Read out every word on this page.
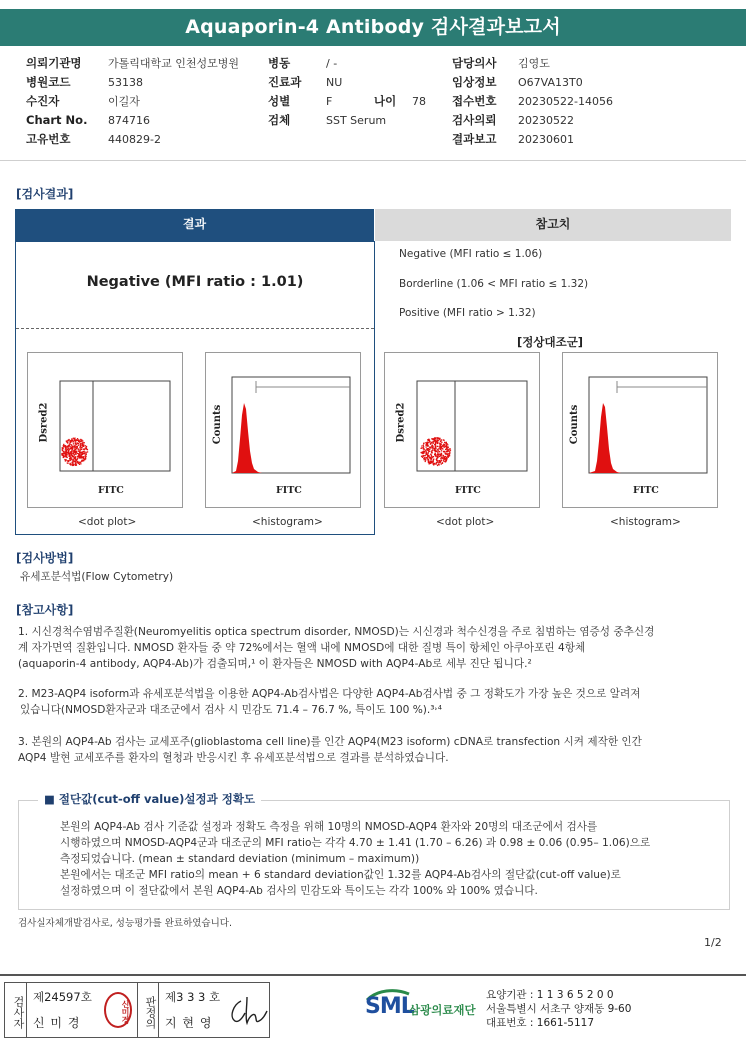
Aquaporin-4 Antibody 검사결과보고서
의뢰기관명 가톨릭대학교 인천성모병원
병원코드	53138
수진자	이길자
Chart No. 874716
고유번호	440829-2
병동	/ -
진료과 NU
성별	F	나이 78
검체	SST Serum
담당의사 김영도
임상정보 O67VA13T0
접수번호 20230522-14056
검사의뢰 20230522
결과보고 20230601
[검사결과]
결과	참고치
Negative (MFI ratio : 1.01)
Negative (MFI ratio ≤ 1.06)
Borderline (1.06 < MFI ratio ≤ 1.32)
Positive (MFI ratio > 1.32)
[정상대조군]
Dsred2
FITC
Counts
FITC
Dsred2
FITC
Counts
FITC
<dot plot>	<histogram>	<dot plot>	<histogram>
[검사방법]
유세포분석법(Flow Cytometry)
[참고사항]
1. 시신경척수염범주질환(Neuromyelitis optica spectrum disorder, NMOSD)는 시신경과 척수신경을 주로 침범하는 염증성 중추신경
계 자가면역 질환입니다. NMOSD 환자들 중 약 72%에서는 혈액 내에 NMOSD에 대한 질병 특이 항체인 아쿠아포린 4항체
(aquaporin-4 antibody, AQP4-Ab)가 검출되며,¹ 이 환자들은 NMOSD with AQP4-Ab로 세부 진단 됩니다.²
2. M23-AQP4 isoform과 유세포분석법을 이용한 AQP4-Ab검사법은 다양한 AQP4-Ab검사법 중 그 정확도가 가장 높은 것으로 알려져
있습니다(NMOSD환자군과 대조군에서 검사 시 민감도 71.4 – 76.7 %, 특이도 100 %).³˒⁴
3. 본원의 AQP4-Ab 검사는 교세포주(glioblastoma cell line)를 인간 AQP4(M23 isoform) cDNA로 transfection 시켜 제작한 인간
AQP4 발현 교세포주를 환자의 혈청과 반응시킨 후 유세포분석법으로 결과를 분석하였습니다.
■ 절단값(cut-off value)설정과 정확도
본원의 AQP4-Ab 검사 기준값 설정과 정확도 측정을 위해 10명의 NMOSD-AQP4 환자와 20명의 대조군에서 검사를
시행하였으며 NMOSD-AQP4군과 대조군의 MFI ratio는 각각 4.70 ± 1.41 (1.70 – 6.26) 과 0.98 ± 0.06 (0.95– 1.06)으로
측정되었습니다. (mean ± standard deviation (minimum – maximum))
본원에서는 대조군 MFI ratio의 mean + 6 standard deviation값인 1.32를 AQP4-Ab검사의 절단값(cut-off value)로
설정하였으며 이 절단값에서 본원 AQP4-Ab 검사의 민감도와 특이도는 각각 100% 와 100% 였습니다.
검사실자체개발검사로, 성능평가를 완료하였습니다.
1/2
검사자 제24597호
신 미 경	신미경	판정의 제3 3 3 호
지 현 영
SML
삼광의료재단
요양기관 : 1 1 3 6 5 2 0 0
서울특별시 서초구 양재동 9-60
대표번호 : 1661-5117
